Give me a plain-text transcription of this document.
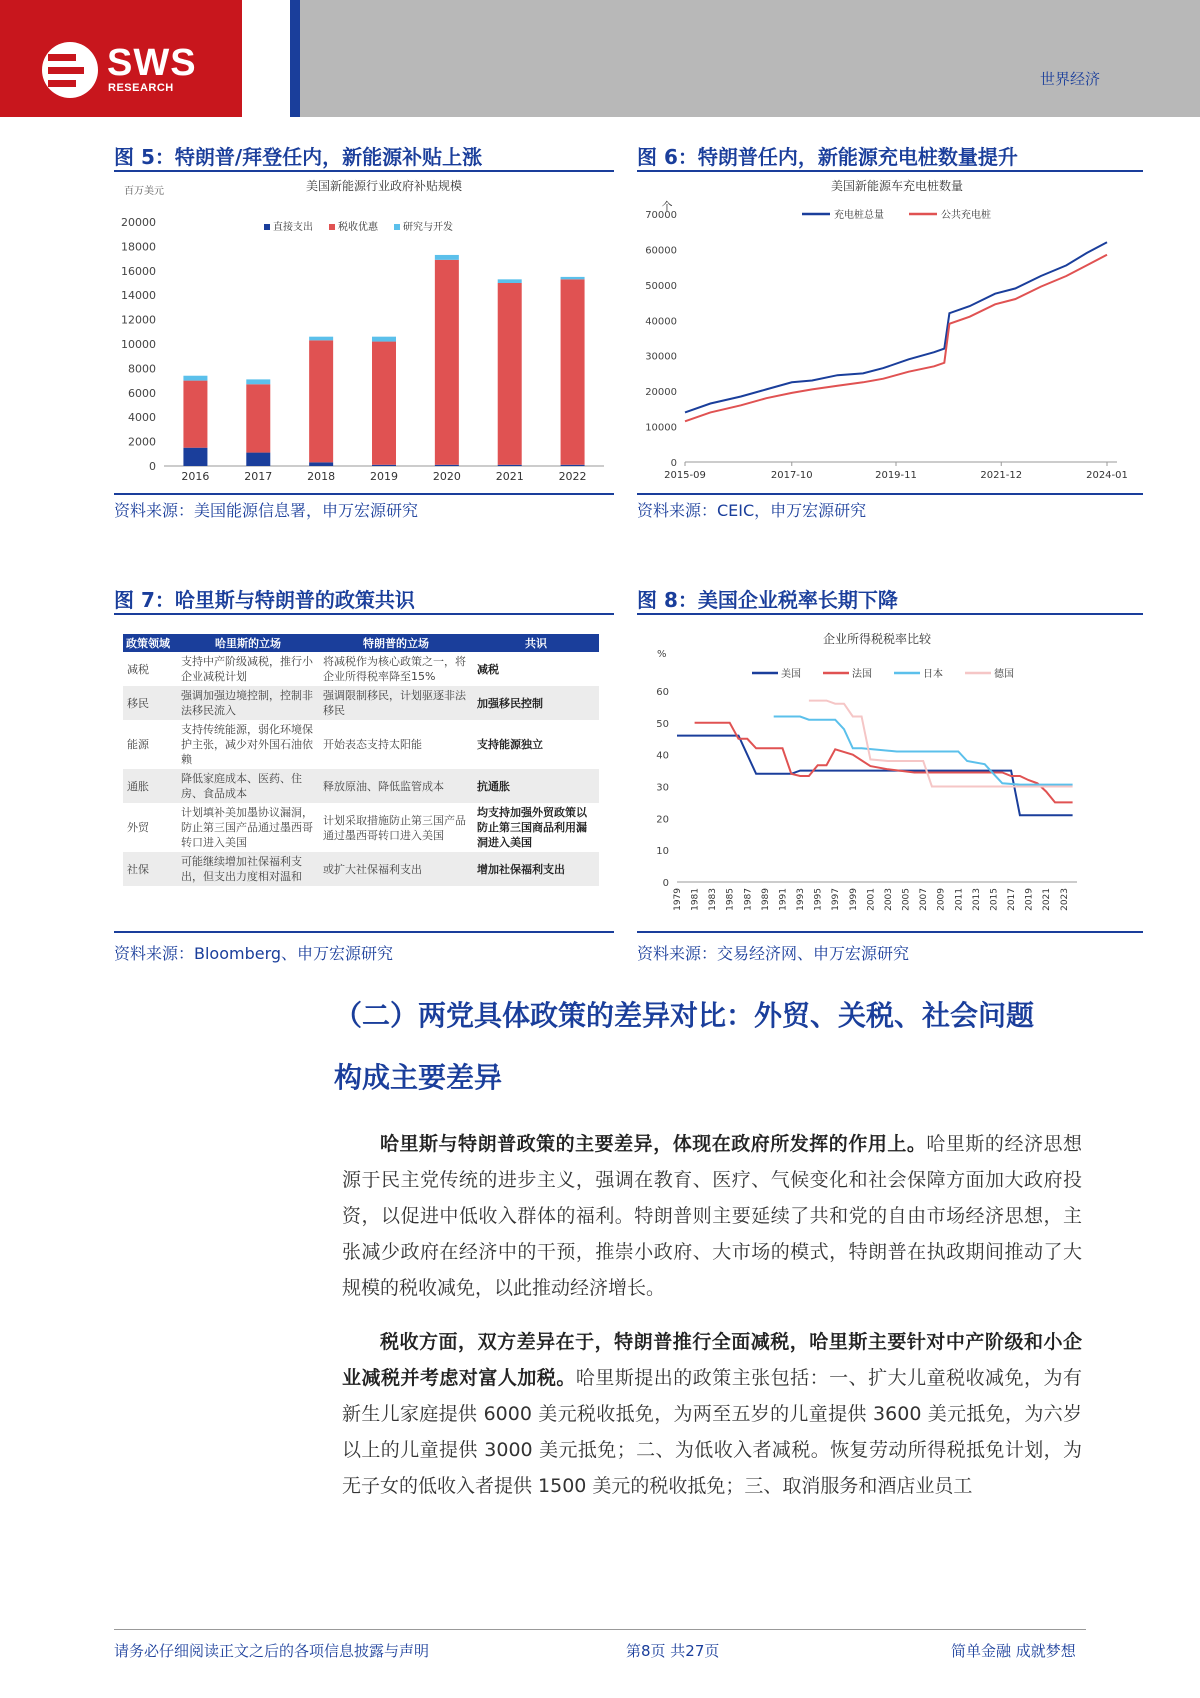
SWS
RESEARCH	世界经济
图 5：特朗普/拜登任内，新能源补贴上涨
百万美元	美国新能源行业政府补贴规模
0
2000
4000
6000
8000
10000
12000
14000
16000
18000
20000	直接支出	税收优惠	研究与开发
2016	2017	2018	2019	2020	2021	2022
资料来源：美国能源信息署，申万宏源研究
图 6：特朗普任内，新能源充电桩数量提升
美国新能源车充电桩数量
个
0
10000
20000
30000
40000
50000
60000
70000
2015-09	2017-10	2019-11	2021-12	2024-01
充电桩总量	公共充电桩
资料来源：CEIC，申万宏源研究
图 7：哈里斯与特朗普的政策共识
政策领域	哈里斯的立场	特朗普的立场	共识
减税	支持中产阶级减税，推行小企业减税计划	将减税作为核心政策之一，将企业所得税率降至15%	减税
移民	强调加强边境控制，控制非法移民流入	强调限制移民，计划驱逐非法移民	加强移民控制
能源	支持传统能源，弱化环境保护主张，减少对外国石油依赖	开始表态支持太阳能	支持能源独立
通胀	降低家庭成本、医药、住房、食品成本	释放原油、降低监管成本	抗通胀
外贸	计划填补美加墨协议漏洞，防止第三国产品通过墨西哥转口进入美国	计划采取措施防止第三国产品通过墨西哥转口进入美国	均支持加强外贸政策以防止第三国商品利用漏洞进入美国
社保	可能继续增加社保福利支出，但支出力度相对温和	或扩大社保福利支出	增加社保福利支出
资料来源：Bloomberg、申万宏源研究
图 8：美国企业税率长期下降
企业所得税税率比较
%
0
10
20
30
40
50
60
1979 1981 1983 1985 1987 1989 1991 1993 1995 1997 1999 2001 2003 2005 2007 2009 2011 2013 2015 2017 2019 2021 2023
美国	法国	日本	德国
资料来源：交易经济网、申万宏源研究
（二）两党具体政策的差异对比：外贸、关税、社会问题
构成主要差异
哈里斯与特朗普政策的主要差异，体现在政府所发挥的作用上。哈里斯的经济思想源于民主党传统的进步主义，强调在教育、医疗、气候变化和社会保障方面加大政府投资，以促进中低收入群体的福利。特朗普则主要延续了共和党的自由市场经济思想，主张减少政府在经济中的干预，推崇小政府、大市场的模式，特朗普在执政期间推动了大规模的税收减免，以此推动经济增长。
税收方面，双方差异在于，特朗普推行全面减税，哈里斯主要针对中产阶级和小企业减税并考虑对富人加税。哈里斯提出的政策主张包括：一、扩大儿童税收减免，为有新生儿家庭提供 6000 美元税收抵免，为两至五岁的儿童提供 3600 美元抵免，为六岁以上的儿童提供 3000 美元抵免；二、为低收入者减税。恢复劳动所得税抵免计划，为无子女的低收入者提供 1500 美元的税收抵免；三、取消服务和酒店业员工
请务必仔细阅读正文之后的各项信息披露与声明	第8页 共27页	简单金融 成就梦想
